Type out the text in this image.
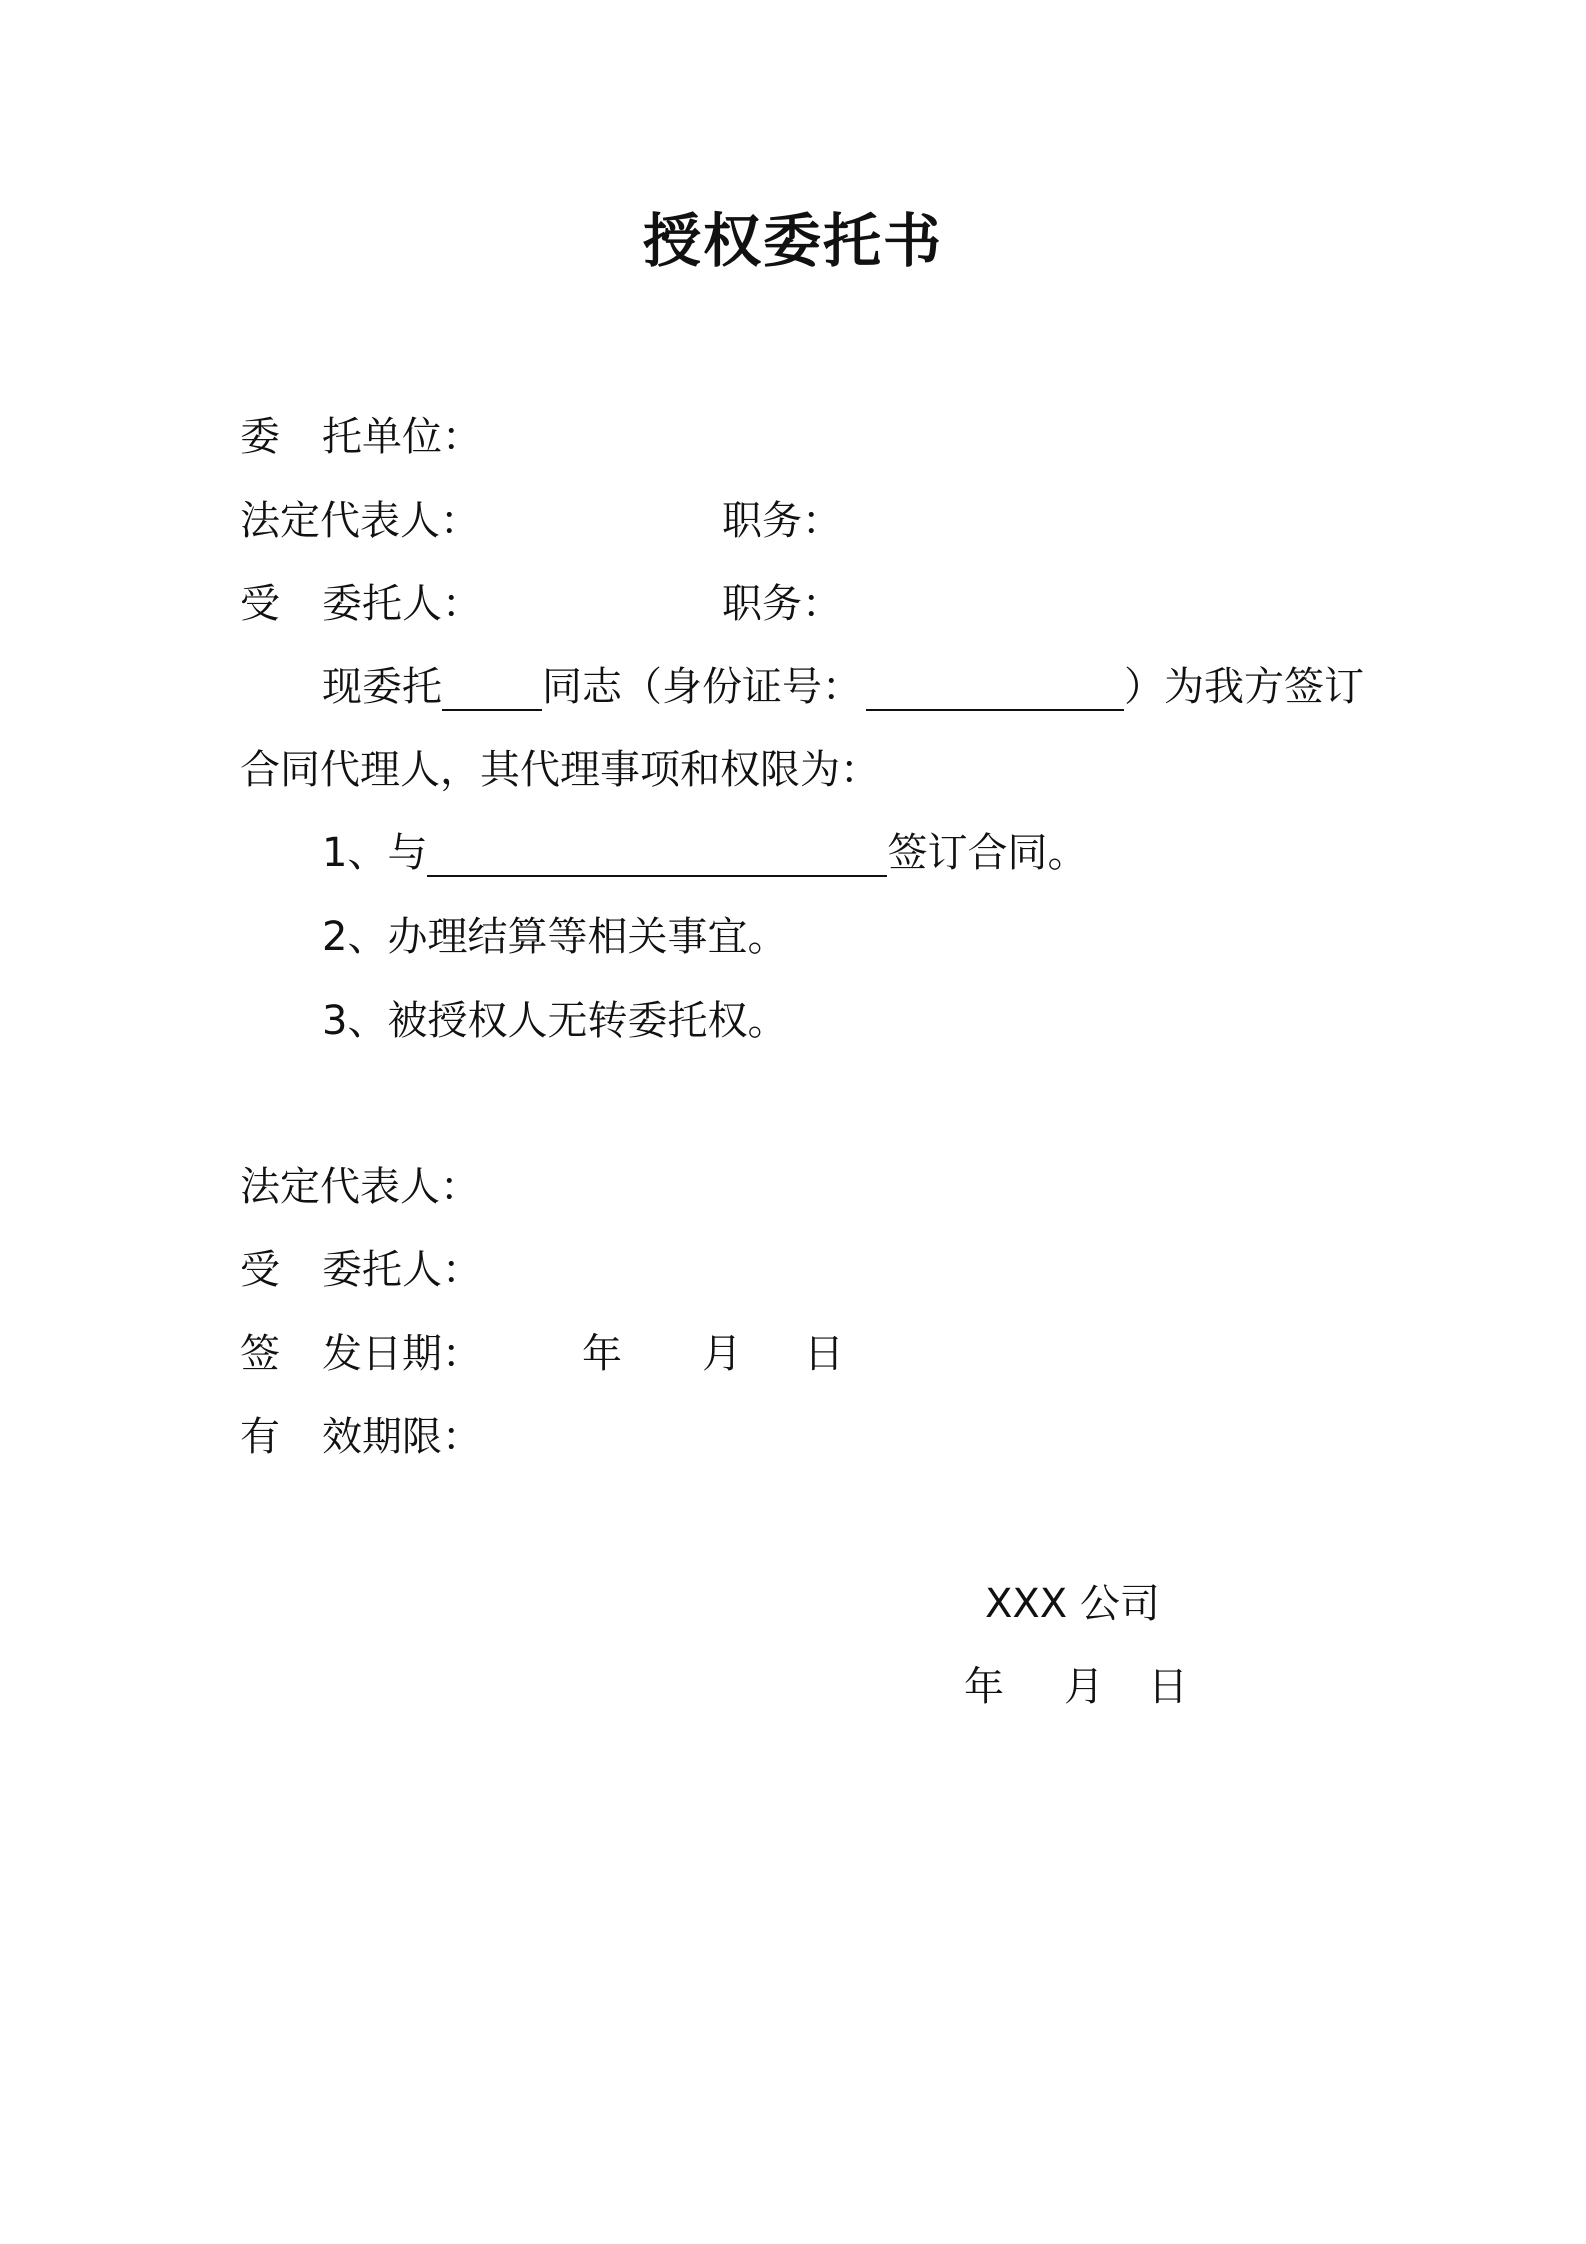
授权委托书
委 托单位：
法定代表人：	职务：
受 委托人：	职务：
现委托	同志（身份证号：	）为我方签订
合同代理人，其代理事项和权限为：
1、与	签订合同。
2、办理结算等相关事宜。
3、被授权人无转委托权。
法定代表人：
受 委托人：
签 发日期：	年 月 日
有 效期限：
XXX 公司
年 月 日
